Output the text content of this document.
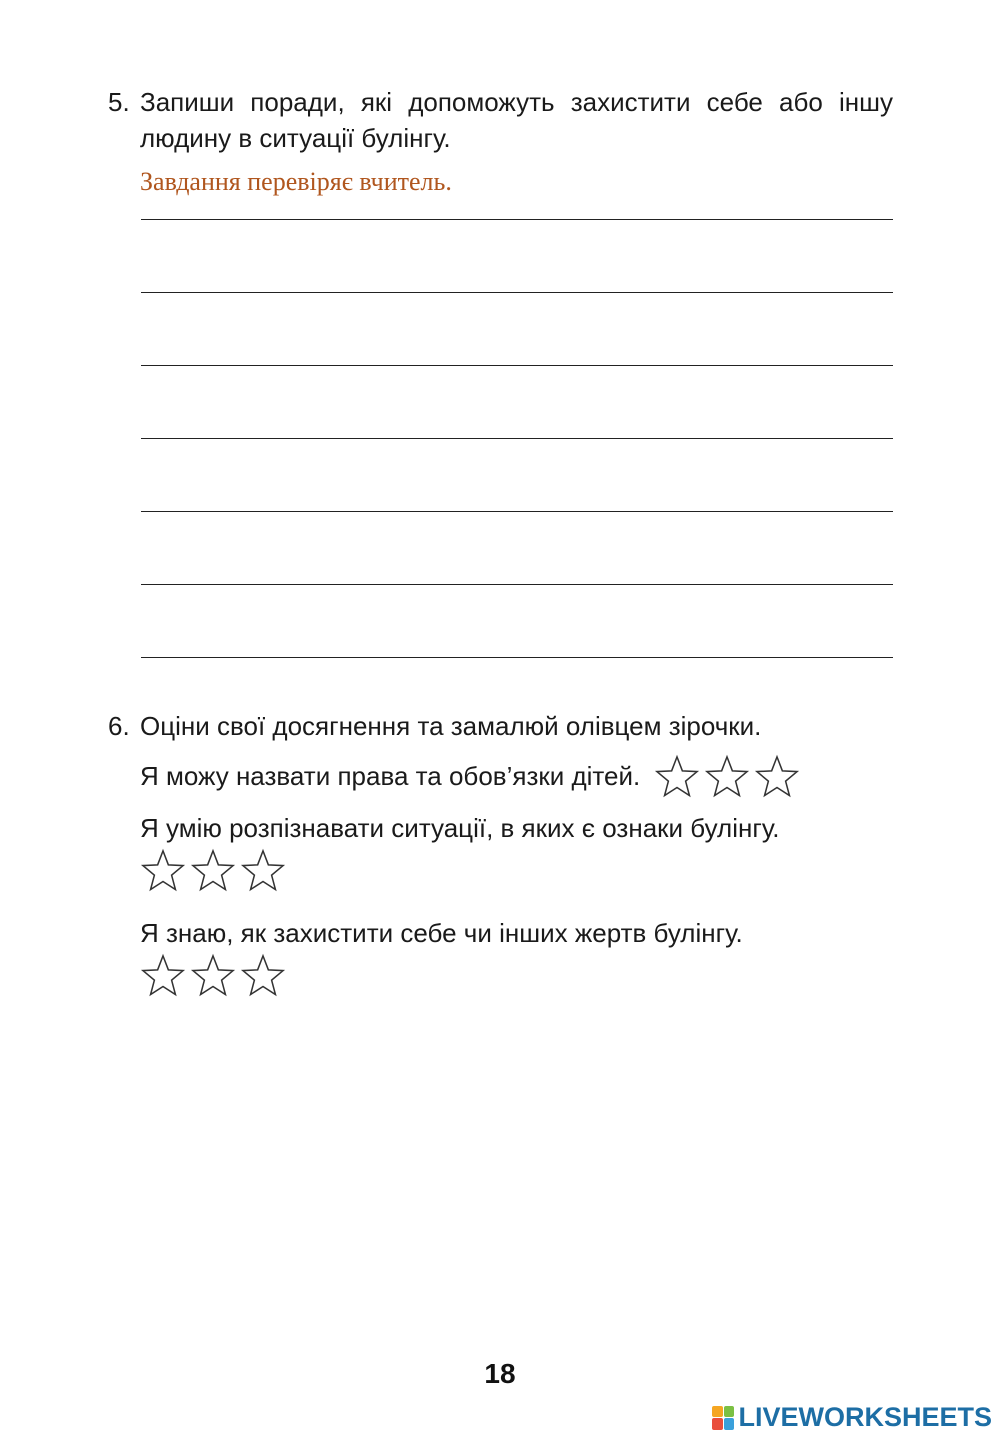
5. Запиши поради, які допоможуть захистити себе або іншу людину в ситуації булінгу.
Завдання перевіряє вчитель.
6. Оціни свої досягнення та замалюй олівцем зірочки.
Я можу назвати права та обов’язки дітей.
Я умію розпізнавати ситуації, в яких є ознаки булінгу.
Я знаю, як захистити себе чи інших жертв булінгу.
18
LIVEWORKSHEETS
